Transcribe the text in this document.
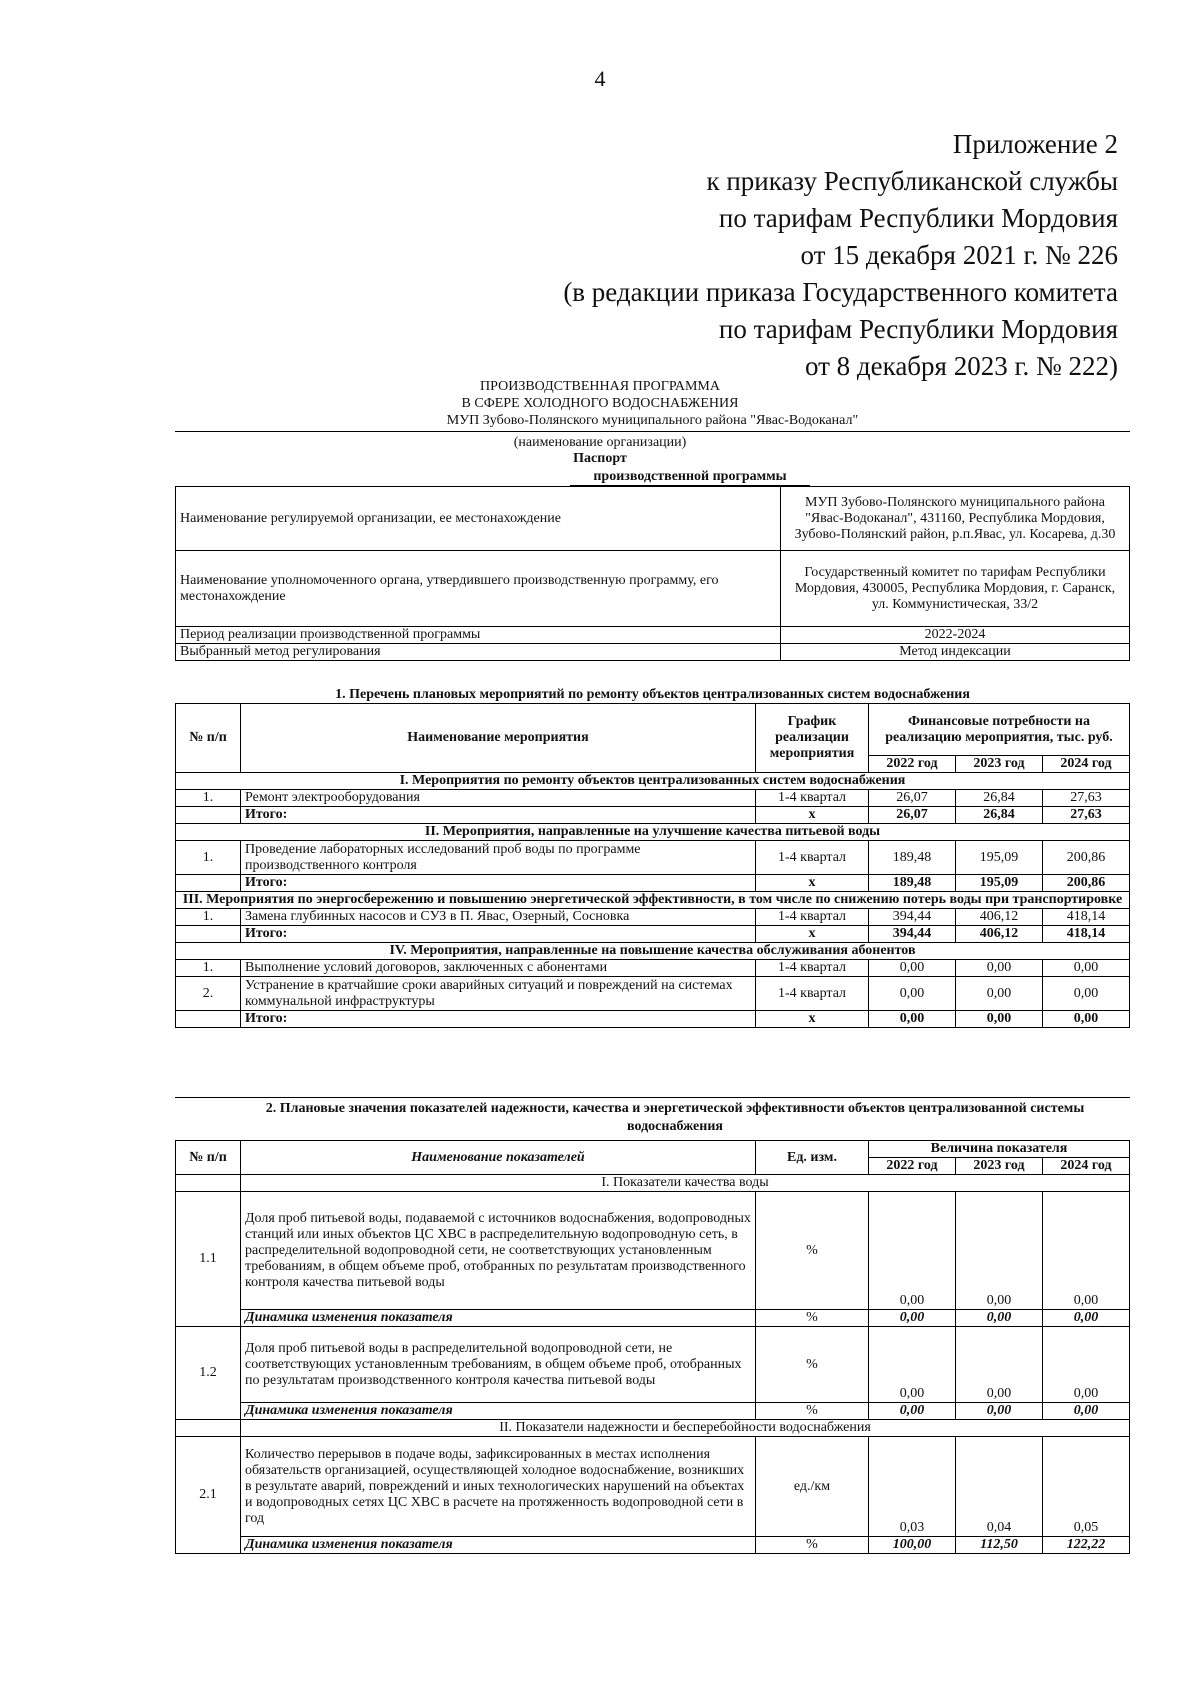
4
Приложение 2
к приказу Республиканской службы
по тарифам Республики Мордовия
от 15 декабря 2021 г. № 226
(в редакции приказа Государственного комитета
по тарифам Республики Мордовия
от 8 декабря 2023 г. № 222)
ПРОИЗВОДСТВЕННАЯ ПРОГРАММА
В СФЕРЕ ХОЛОДНОГО ВОДОСНАБЖЕНИЯ
МУП Зубово-Полянского муниципального района "Явас-Водоканал"
(наименование организации)
Паспорт
производственной программы
Наименование регулируемой организации, ее местонахождение	МУП Зубово-Полянского муниципального района "Явас-Водоканал", 431160, Республика Мордовия, Зубово-Полянский район, р.п.Явас, ул. Косарева, д.30
Наименование уполномоченного органа, утвердившего производственную программу, его местонахождение	Государственный комитет по тарифам Республики Мордовия, 430005, Республика Мордовия, г. Саранск, ул. Коммунистическая, 33/2
Период реализации производственной программы	2022-2024
Выбранный метод регулирования	Метод индексации
1. Перечень плановых мероприятий по ремонту объектов централизованных систем водоснабжения
№ п/п	Наименование мероприятия	График реализации мероприятия	Финансовые потребности на реализацию мероприятия, тыс. руб.		
			2022 год	2023 год	2024 год
I. Мероприятия по ремонту объектов централизованных систем водоснабжения					
1.	Ремонт электрооборудования	1-4 квартал	26,07	26,84	27,63
	Итого:	х	26,07	26,84	27,63
II. Мероприятия, направленные на улучшение качества питьевой воды					
1.	Проведение лабораторных исследований проб воды по программе производственного контроля	1-4 квартал	189,48	195,09	200,86
	Итого:	х	189,48	195,09	200,86
III. Мероприятия по энергосбережению и повышению энергетической эффективности, в том числе по снижению потерь воды при транспортировке					
1.	Замена глубинных насосов и СУЗ в П. Явас, Озерный, Сосновка	1-4 квартал	394,44	406,12	418,14
	Итого:	х	394,44	406,12	418,14
IV. Мероприятия, направленные на повышение качества обслуживания абонентов					
1.	Выполнение условий договоров, заключенных с абонентами	1-4 квартал	0,00	0,00	0,00
2.	Устранение в кратчайшие сроки аварийных ситуаций и повреждений на системах коммунальной инфраструктуры	1-4 квартал	0,00	0,00	0,00
	Итого:	х	0,00	0,00	0,00
2. Плановые значения показателей надежности, качества и энергетической эффективности объектов централизованной системы водоснабжения
№ п/п	Наименование показателей	Ед. изм.	Величина показателя		
			2022 год	2023 год	2024 год
	I. Показатели качества воды				
1.1	Доля проб питьевой воды, подаваемой с источников водоснабжения, водопроводных станций или иных объектов ЦС ХВС в распределительную водопроводную сеть, в распределительной водопроводной сети, не соответствующих установленным требованиям, в общем объеме проб, отобранных по результатам производственного контроля качества питьевой воды	%	0,00	0,00	0,00
	Динамика изменения показателя	%	0,00	0,00	0,00
1.2	Доля проб питьевой воды в распределительной водопроводной сети, не соответствующих установленным требованиям, в общем объеме проб, отобранных по результатам производственного контроля качества питьевой воды	%	0,00	0,00	0,00
	Динамика изменения показателя	%	0,00	0,00	0,00
	II. Показатели надежности и бесперебойности водоснабжения				
2.1	Количество перерывов в подаче воды, зафиксированных в местах исполнения обязательств организацией, осуществляющей холодное водоснабжение, возникших в результате аварий, повреждений и иных технологических нарушений на объектах и водопроводных сетях ЦС ХВС в расчете на протяженность водопроводной сети в год	ед./км	0,03	0,04	0,05
	Динамика изменения показателя	%	100,00	112,50	122,22
